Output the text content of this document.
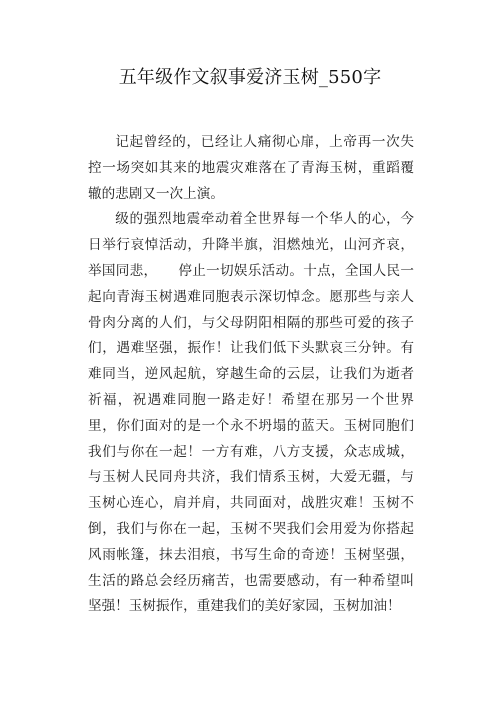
五年级作文叙事爱济玉树_550字

记起曾经的，已经让人痛彻心扉，上帝再一次失控一场突如其来的地震灾难落在了青海玉树，重蹈覆辙的悲剧又一次上演。

级的强烈地震牵动着全世界每一个华人的心，今日举行哀悼活动，升降半旗，泪燃烛光，山河齐哀，举国同悲，　　停止一切娱乐活动。十点，全国人民一起向青海玉树遇难同胞表示深切悼念。愿那些与亲人骨肉分离的人们，与父母阴阳相隔的那些可爱的孩子们，遇难坚强，振作！让我们低下头默哀三分钟。有难同当，逆风起航，穿越生命的云层，让我们为逝者祈福，祝遇难同胞一路走好！希望在那另一个世界里，你们面对的是一个永不坍塌的蓝天。玉树同胞们我们与你在一起！一方有难，八方支援，众志成城，与玉树人民同舟共济，我们情系玉树，大爱无疆，与玉树心连心，肩并肩，共同面对，战胜灾难！玉树不倒，我们与你在一起，玉树不哭我们会用爱为你搭起风雨帐篷，抹去泪痕，书写生命的奇迹！玉树坚强，生活的路总会经历痛苦，也需要感动，有一种希望叫坚强！玉树振作，重建我们的美好家园，玉树加油！
